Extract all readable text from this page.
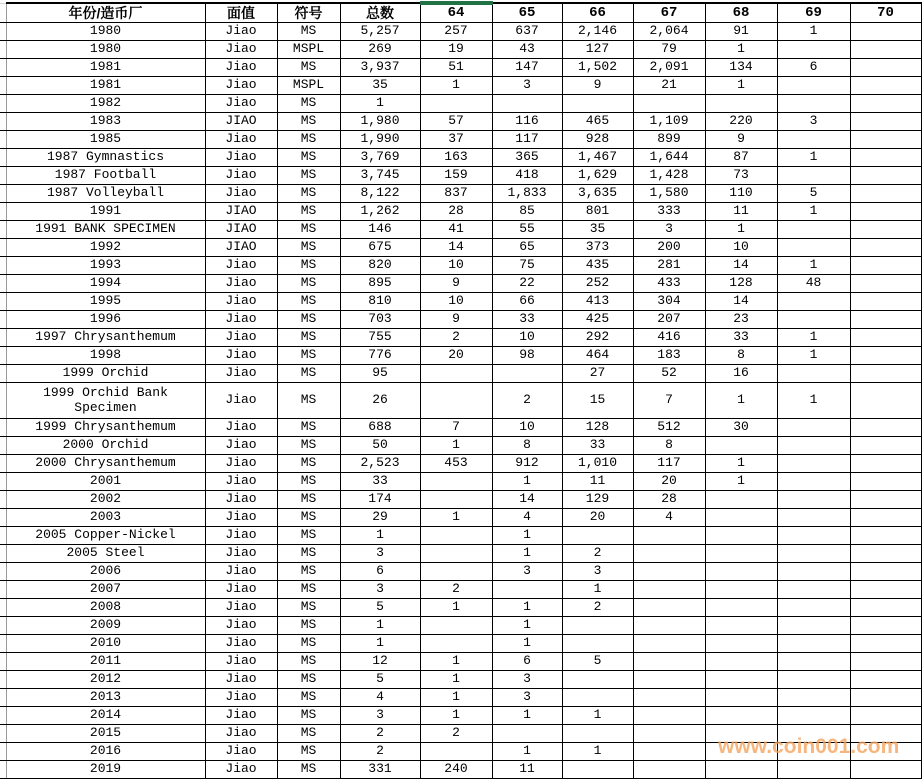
	年份/造币厂	面值	符号	总数	64	65	66	67	68	69	70
	1980	Jiao	MS	5,257	257	637	2,146	2,064	91	1	
	1980	Jiao	MSPL	269	19	43	127	79	1		
	1981	Jiao	MS	3,937	51	147	1,502	2,091	134	6	
	1981	Jiao	MSPL	35	1	3	9	21	1		
	1982	Jiao	MS	1							
	1983	JIAO	MS	1,980	57	116	465	1,109	220	3	
	1985	Jiao	MS	1,990	37	117	928	899	9		
	1987 Gymnastics	Jiao	MS	3,769	163	365	1,467	1,644	87	1	
	1987 Football	Jiao	MS	3,745	159	418	1,629	1,428	73		
	1987 Volleyball	Jiao	MS	8,122	837	1,833	3,635	1,580	110	5	
	1991	JIAO	MS	1,262	28	85	801	333	11	1	
	1991 BANK SPECIMEN	JIAO	MS	146	41	55	35	3	1		
	1992	JIAO	MS	675	14	65	373	200	10		
	1993	Jiao	MS	820	10	75	435	281	14	1	
	1994	Jiao	MS	895	9	22	252	433	128	48	
	1995	Jiao	MS	810	10	66	413	304	14		
	1996	Jiao	MS	703	9	33	425	207	23		
	1997 Chrysanthemum	Jiao	MS	755	2	10	292	416	33	1	
	1998	Jiao	MS	776	20	98	464	183	8	1	
	1999 Orchid	Jiao	MS	95			27	52	16		
	1999 Orchid Bank Specimen	Jiao	MS	26		2	15	7	1	1	
	1999 Chrysanthemum	Jiao	MS	688	7	10	128	512	30		
	2000 Orchid	Jiao	MS	50	1	8	33	8			
	2000 Chrysanthemum	Jiao	MS	2,523	453	912	1,010	117	1		
	2001	Jiao	MS	33		1	11	20	1		
	2002	Jiao	MS	174		14	129	28			
	2003	Jiao	MS	29	1	4	20	4			
	2005 Copper-Nickel	Jiao	MS	1		1					
	2005 Steel	Jiao	MS	3		1	2				
	2006	Jiao	MS	6		3	3				
	2007	Jiao	MS	3	2		1				
	2008	Jiao	MS	5	1	1	2				
	2009	Jiao	MS	1		1					
	2010	Jiao	MS	1		1					
	2011	Jiao	MS	12	1	6	5				
	2012	Jiao	MS	5	1	3					
	2013	Jiao	MS	4	1	3					
	2014	Jiao	MS	3	1	1	1				
	2015	Jiao	MS	2	2						
	2016	Jiao	MS	2		1	1				
	2019	Jiao	MS	331	240	11					
www.coin001.com
